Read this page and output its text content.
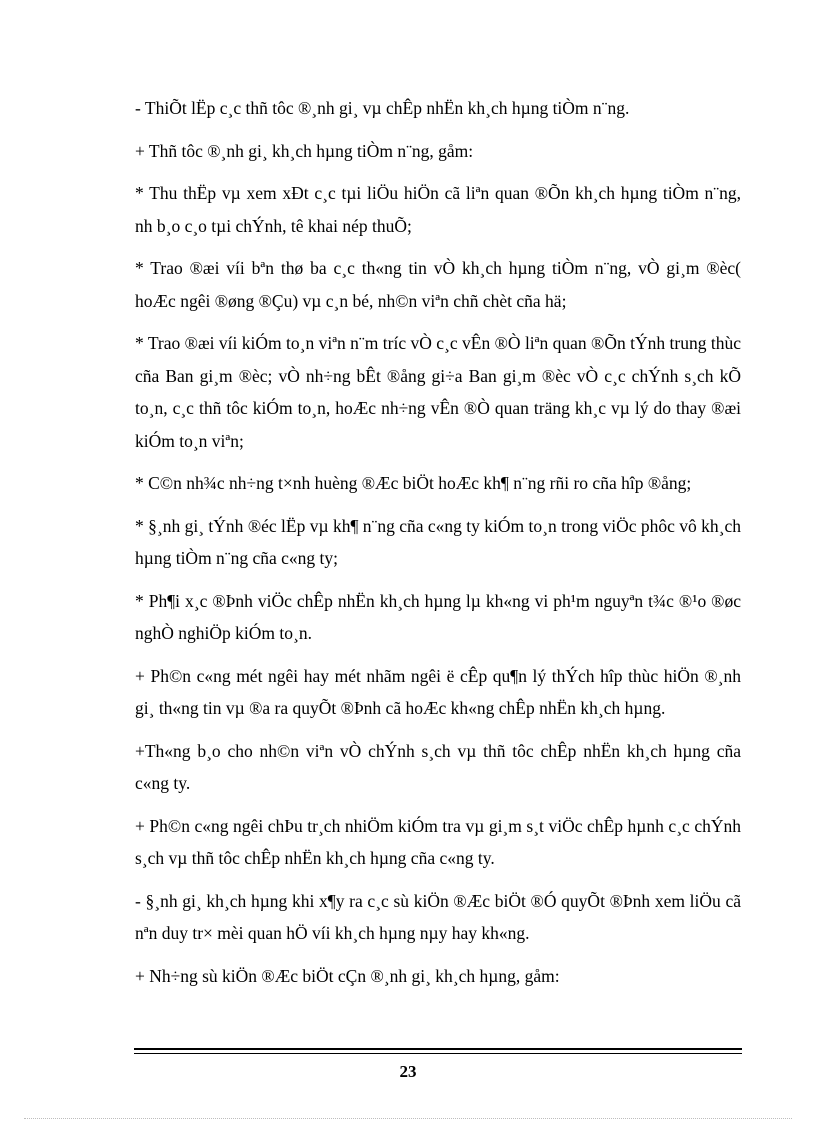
- ThiÕt lËp c¸c thñ tôc ®¸nh gi¸ vµ chÊp nhËn kh¸ch hµng tiÒm n¨ng.

+ Thñ tôc ®¸nh gi¸ kh¸ch hµng tiÒm n¨ng, gåm:

* Thu thËp vµ xem xÐt c¸c tµi liÖu hiÖn cã liªn quan ®Õn kh¸ch hµng tiÒm n¨ng, nh b¸o c¸o tµi chÝnh, tê khai nép thuÕ;

* Trao ®æi víi bªn thø ba c¸c th«ng tin vÒ kh¸ch hµng tiÒm n¨ng, vÒ gi¸m ®èc( hoÆc ngêi ®øng ®Çu) vµ c¸n bé, nh©n viªn chñ chèt cña hä;

* Trao ®æi víi kiÓm to¸n viªn n¨m tríc vÒ c¸c vÊn ®Ò liªn quan ®Õn tÝnh trung thùc cña Ban gi¸m ®èc; vÒ nh÷ng bÊt ®ång gi÷a Ban gi¸m ®èc vÒ c¸c chÝnh s¸ch kÕ to¸n, c¸c thñ tôc kiÓm to¸n, hoÆc nh÷ng vÊn ®Ò quan träng kh¸c vµ lý do thay ®æi kiÓm to¸n viªn;

* C©n nh¾c nh÷ng t×nh huèng ®Æc biÖt hoÆc kh¶ n¨ng rñi ro cña hîp ®ång;

* §¸nh gi¸ tÝnh ®éc lËp vµ kh¶ n¨ng cña c«ng ty kiÓm to¸n trong viÖc phôc vô kh¸ch hµng tiÒm n¨ng cña c«ng ty;

* Ph¶i x¸c ®Þnh viÖc chÊp nhËn kh¸ch hµng lµ kh«ng vi ph¹m nguyªn t¾c ®¹o ®øc nghÒ nghiÖp kiÓm to¸n.

+ Ph©n c«ng mét ngêi hay mét nhãm ngêi ë cÊp qu¶n lý thÝch hîp thùc hiÖn ®¸nh gi¸ th«ng tin vµ ®a ra quyÕt ®Þnh cã hoÆc kh«ng chÊp nhËn kh¸ch hµng.

+Th«ng b¸o cho nh©n viªn vÒ chÝnh s¸ch vµ thñ tôc chÊp nhËn kh¸ch hµng cña c«ng ty.

+ Ph©n c«ng ngêi chÞu tr¸ch nhiÖm kiÓm tra vµ gi¸m s¸t viÖc chÊp hµnh c¸c chÝnh s¸ch vµ thñ tôc chÊp nhËn kh¸ch hµng cña c«ng ty.

- §¸nh gi¸ kh¸ch hµng khi x¶y ra c¸c sù kiÖn ®Æc biÖt ®Ó quyÕt ®Þnh xem liÖu cã nªn duy tr× mèi quan hÖ víi kh¸ch hµng nµy hay kh«ng.

+ Nh÷ng sù kiÖn ®Æc biÖt cÇn ®¸nh gi¸ kh¸ch hµng, gåm:

23
